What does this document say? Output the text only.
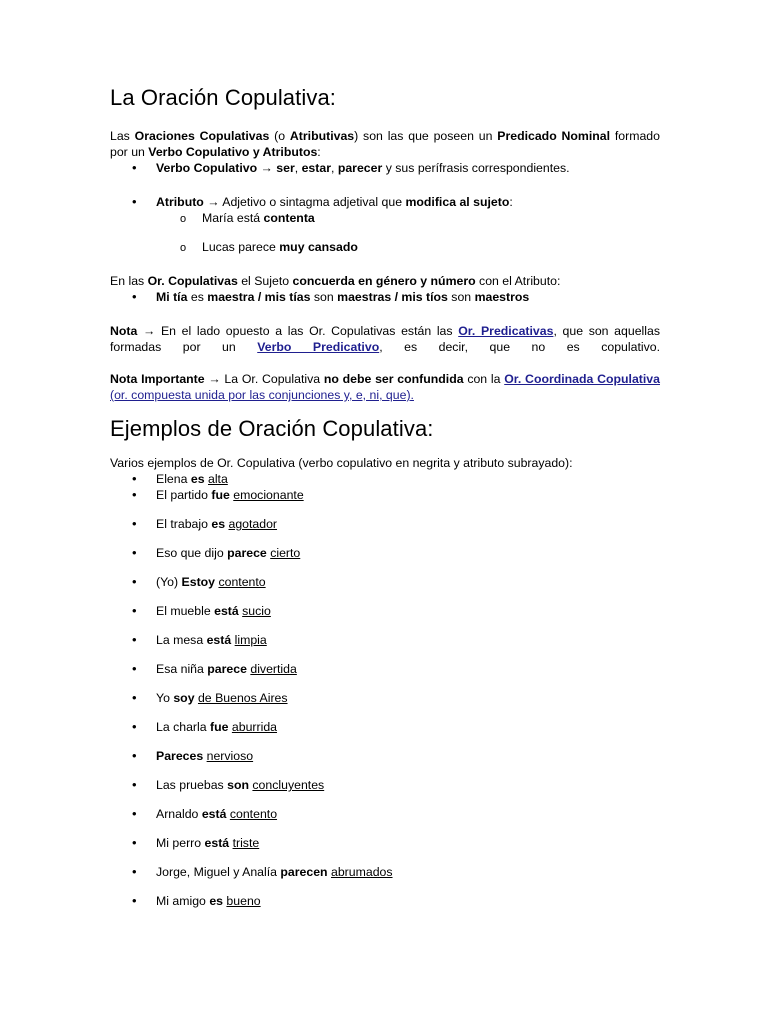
La Oración Copulativa:

Las Oraciones Copulativas (o Atributivas) son las que poseen un Predicado Nominal formado por un Verbo Copulativo y Atributos:

• Verbo Copulativo → ser, estar, parecer y sus perífrasis correspondientes.
• Atributo → Adjetivo o sintagma adjetival que modifica al sujeto:
o María está contenta
o Lucas parece muy cansado

En las Or. Copulativas el Sujeto concuerda en género y número con el Atributo:

• Mi tía es maestra / mis tías son maestras / mis tíos son maestros

Nota → En el lado opuesto a las Or. Copulativas están las Or. Predicativas, que son aquellas formadas por un Verbo Predicativo, es decir, que no es copulativo.

Nota Importante → La Or. Copulativa no debe ser confundida con la Or. Coordinada Copulativa (or. compuesta unida por las conjunciones y, e, ni, que).

Ejemplos de Oración Copulativa:

Varios ejemplos de Or. Copulativa (verbo copulativo en negrita y atributo subrayado):

• Elena es alta
• El partido fue emocionante
• El trabajo es agotador
• Eso que dijo parece cierto
• (Yo) Estoy contento
• El mueble está sucio
• La mesa está limpia
• Esa niña parece divertida
• Yo soy de Buenos Aires
• La charla fue aburrida
• Pareces nervioso
• Las pruebas son concluyentes
• Arnaldo está contento
• Mi perro está triste
• Jorge, Miguel y Analía parecen abrumados
• Mi amigo es bueno
